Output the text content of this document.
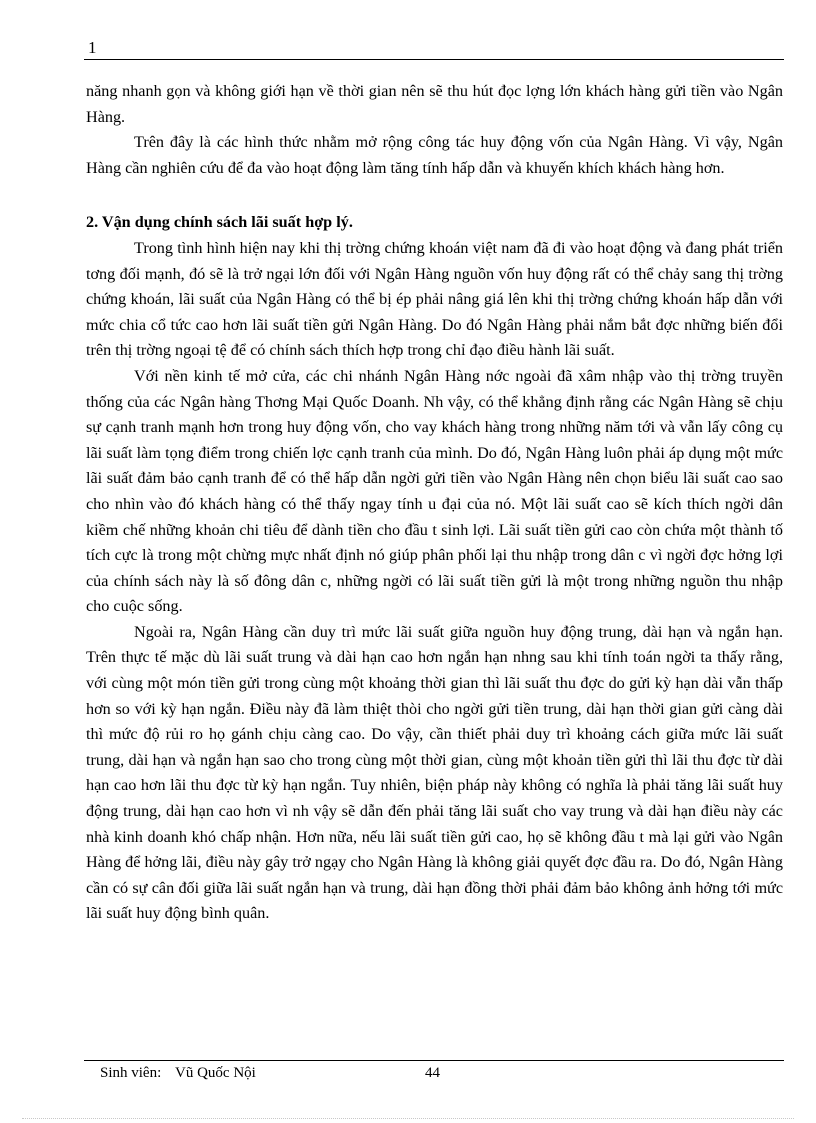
1

năng nhanh gọn và không giới hạn về thời gian nên sẽ thu hút đọc lợng lớn khách hàng gửi tiền vào Ngân Hàng.

Trên đây là các hình thức nhằm mở rộng công tác huy động vốn của Ngân Hàng. Vì vậy, Ngân Hàng cần nghiên cứu để đa vào hoạt động làm tăng tính hấp dẫn và khuyến khích khách hàng hơn.

2. Vận dụng chính sách lãi suất hợp lý.

Trong tình hình hiện nay khi thị trờng chứng khoán việt nam đã đi vào hoạt động và đang phát triển tơng đối mạnh, đó sẽ là trở ngại lớn đối với Ngân Hàng nguồn vốn huy động rất có thể chảy sang thị trờng chứng khoán, lãi suất của Ngân Hàng có thể bị ép phải nâng giá lên khi thị trờng chứng khoán hấp dẫn với mức chia cổ tức cao hơn lãi suất tiền gửi Ngân Hàng. Do đó Ngân Hàng phải nắm bắt đợc những biến đổi trên thị trờng ngoại tệ để có chính sách thích hợp trong chỉ đạo điều hành lãi suất.

Với nền kinh tế mở cửa, các chi nhánh Ngân Hàng nớc ngoài đã xâm nhập vào thị trờng truyền thống của các Ngân hàng Thơng Mại Quốc Doanh. Nh vậy, có thể khẳng định rằng các Ngân Hàng sẽ chịu sự cạnh tranh mạnh hơn trong huy động vốn, cho vay khách hàng trong những năm tới và vẫn lấy công cụ lãi suất làm tọng điểm trong chiến lợc cạnh tranh của mình. Do đó, Ngân Hàng luôn phải áp dụng một mức lãi suất đảm bảo cạnh tranh để có thể hấp dẫn ngời gửi tiền vào Ngân Hàng nên chọn biểu lãi suất cao sao cho nhìn vào đó khách hàng có thể thấy ngay tính u đại của nó. Một lãi suất cao sẽ kích thích ngời dân kiềm chế những khoản chi tiêu để dành tiền cho đầu t sinh lợi. Lãi suất tiền gửi cao còn chứa một thành tố tích cực là trong một chừng mực nhất định nó giúp phân phối lại thu nhập trong dân c vì ngời đợc hởng lợi của chính sách này là số đông dân c, những ngời có lãi suất tiền gửi là một trong những nguồn thu nhập cho cuộc sống.

Ngoài ra, Ngân Hàng cần duy trì mức lãi suất giữa nguồn huy động trung, dài hạn và ngắn hạn. Trên thực tế mặc dù lãi suất trung và dài hạn cao hơn ngắn hạn nhng sau khi tính toán ngời ta thấy rằng, với cùng một món tiền gửi trong cùng một khoảng thời gian thì lãi suất thu đợc do gửi kỳ hạn dài vẫn thấp hơn so với kỳ hạn ngắn. Điều này đã làm thiệt thòi cho ngời gửi tiền trung, dài hạn thời gian gửi càng dài thì mức độ rủi ro họ gánh chịu càng cao. Do vậy, cần thiết phải duy trì khoảng cách giữa mức lãi suất trung, dài hạn và ngắn hạn sao cho trong cùng một thời gian, cùng một khoản tiền gửi thì lãi thu đợc từ dài hạn cao hơn lãi thu đợc từ kỳ hạn ngắn. Tuy nhiên, biện pháp này không có nghĩa là phải tăng lãi suất huy động trung, dài hạn cao hơn vì nh vậy sẽ dẫn đến phải tăng lãi suất cho vay trung và dài hạn điều này các nhà kinh doanh khó chấp nhận. Hơn nữa, nếu lãi suất tiền gửi cao, họ sẽ không đầu t mà lại gửi vào Ngân Hàng để hởng lãi, điều này gây trở ngạy cho Ngân Hàng là không giải quyết đợc đầu ra. Do đó, Ngân Hàng cần có sự cân đối giữa lãi suất ngắn hạn và trung, dài hạn đồng thời phải đảm bảo không ảnh hởng tới mức lãi suất huy động bình quân.

Sinh viên: Vũ Quốc Nội	44
